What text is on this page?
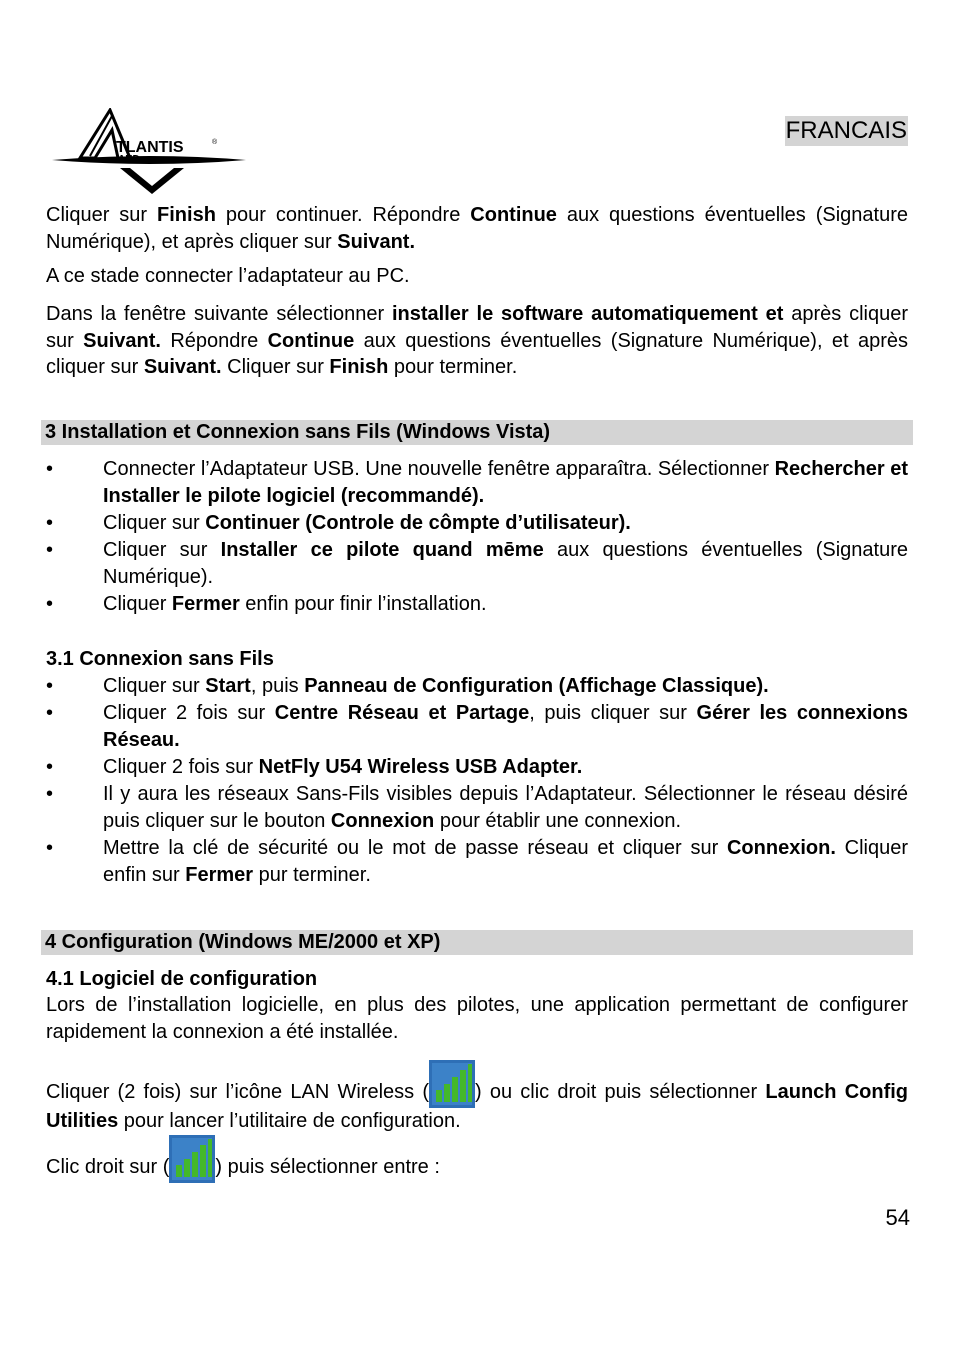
TLANTIS	®
AND
FRANCAIS

Cliquer sur Finish pour continuer. Répondre Continue aux questions éventuelles (Signature Numérique), et après cliquer sur Suivant.

A ce stade connecter l’adaptateur au PC.

Dans la fenêtre suivante sélectionner installer le software automatiquement et après cliquer sur Suivant. Répondre Continue aux questions éventuelles (Signature Numérique), et après cliquer sur Suivant. Cliquer sur Finish pour terminer.

3 Installation et Connexion sans Fils (Windows Vista)
• Connecter l’Adaptateur USB. Une nouvelle fenêtre apparaîtra. Sélectionner Rechercher et Installer le pilote logiciel (recommandé).
• Cliquer sur Continuer (Controle de cômpte d’utilisateur).
• Cliquer sur Installer ce pilote quand mēme aux questions éventuelles (Signature Numérique).
• Cliquer Fermer enfin pour finir l’installation.
3.1 Connexion sans Fils
• Cliquer sur Start, puis Panneau de Configuration (Affichage Classique).
• Cliquer 2 fois sur Centre Réseau et Partage, puis cliquer sur Gérer les connexions Réseau.
• Cliquer 2 fois sur NetFly U54 Wireless USB Adapter.
• Il y aura les réseaux Sans-Fils visibles depuis l’Adaptateur. Sélectionner le réseau désiré puis cliquer sur le bouton Connexion pour établir une connexion.
• Mettre la clé de sécurité ou le mot de passe réseau et cliquer sur Connexion. Cliquer enfin sur Fermer pur terminer.
4 Configuration (Windows ME/2000 et XP)
4.1 Logiciel de configuration

Lors de l’installation logicielle, en plus des pilotes, une application permettant de configurer rapidement la connexion a été installée.

Cliquer (2 fois) sur l’icône LAN Wireless ( ) ou clic droit puis sélectionner Launch Config Utilities pour lancer l’utilitaire de configuration.

Clic droit sur ( ) puis sélectionner entre :

54
